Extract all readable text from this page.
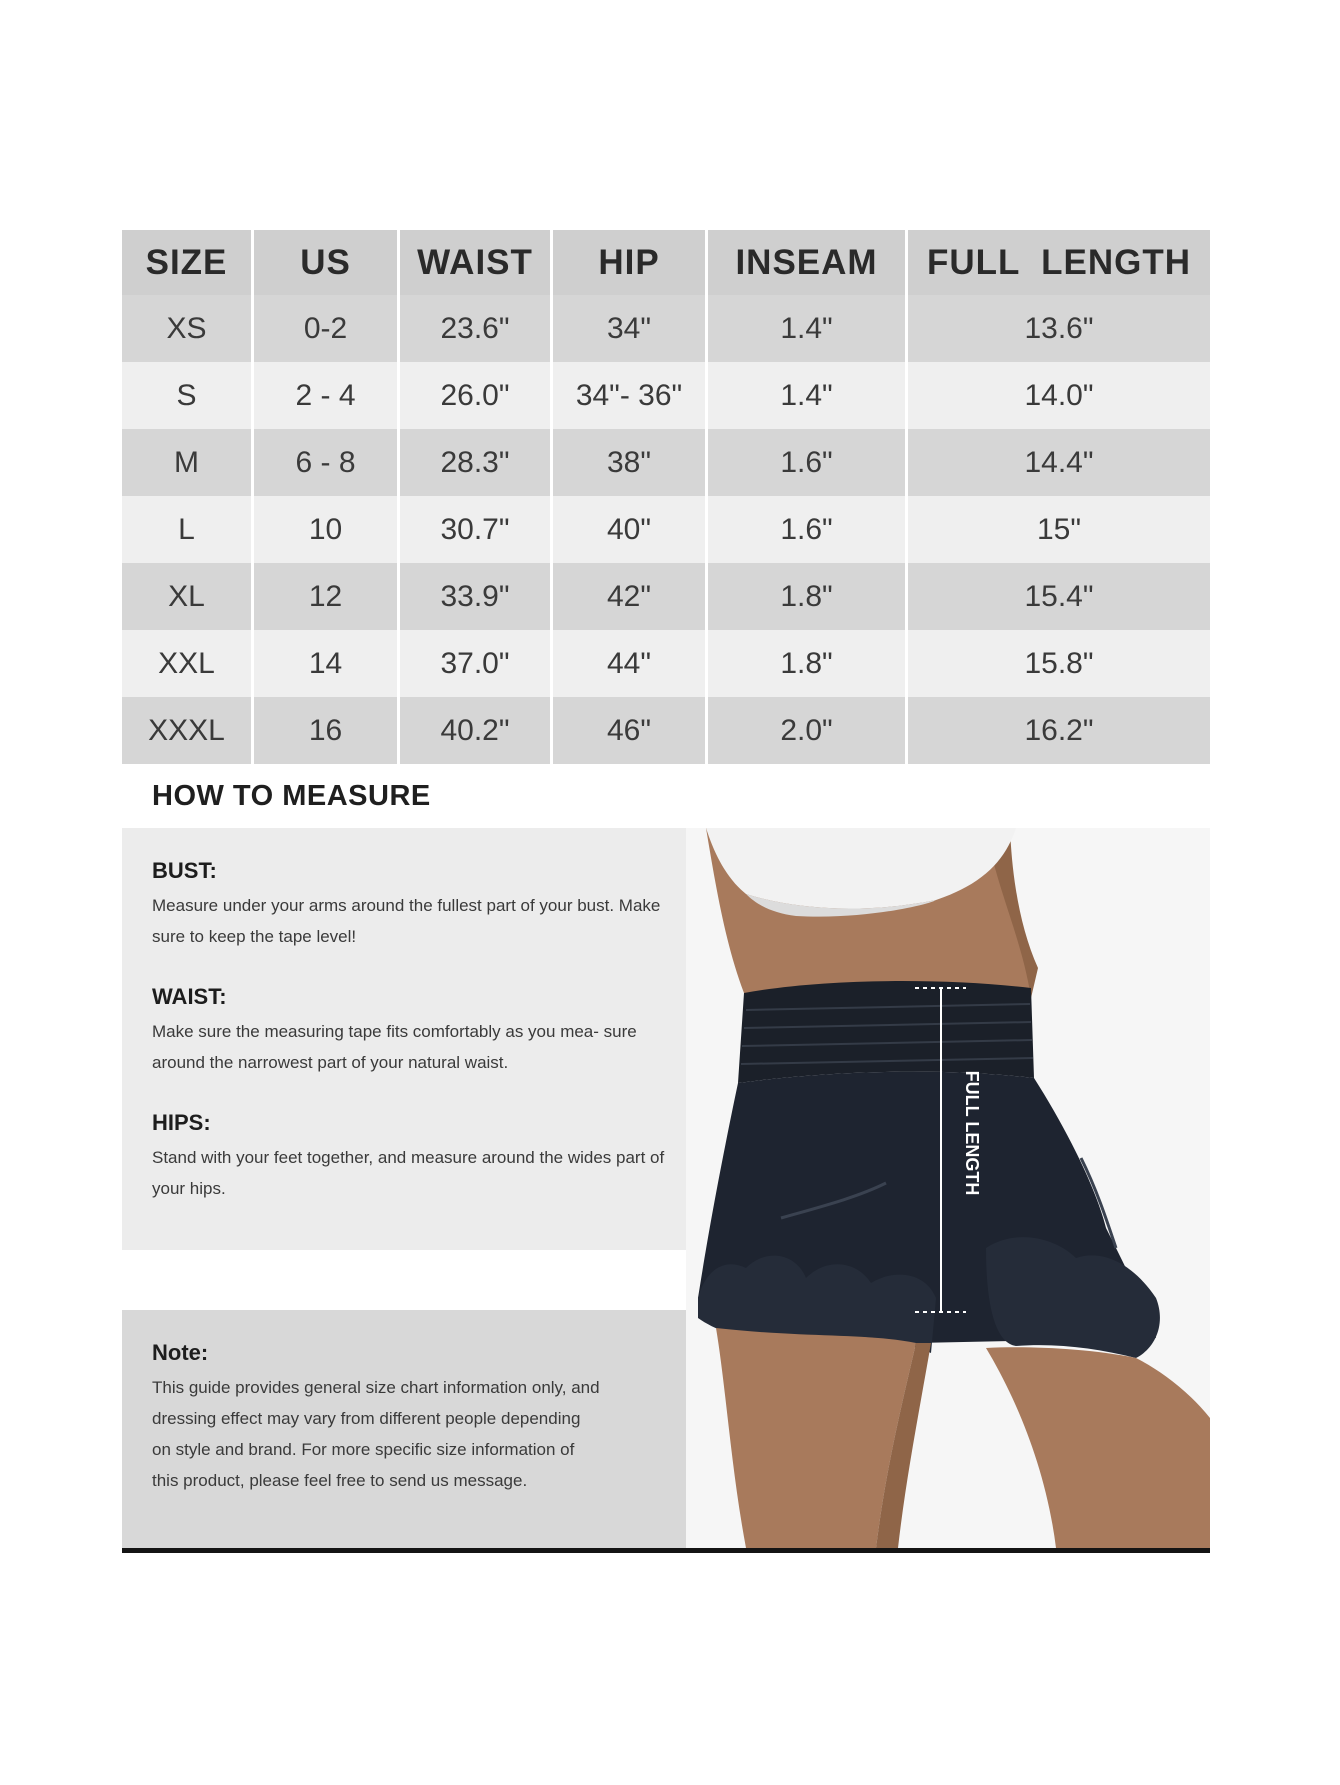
SIZE	US	WAIST	HIP	INSEAM	FULL  LENGTH
XS	0-2	23.6"	34"	1.4"	13.6"
S	2 - 4	26.0"	34"- 36"	1.4"	14.0"
M	6 - 8	28.3"	38"	1.6"	14.4"
L	10	30.7"	40"	1.6"	15"
XL	12	33.9"	42"	1.8"	15.4"
XXL	14	37.0"	44"	1.8"	15.8"
XXXL	16	40.2"	46"	2.0"	16.2"
HOW TO MEASURE

BUST:

Measure under your arms around the fullest part of your bust. Make sure to keep the tape level!

WAIST:

Make sure the measuring tape fits comfortably as you mea- sure around the narrowest part of your natural waist.

HIPS:

Stand with your feet together, and measure around the wides part of your hips.

Note:

This guide provides general size chart information only, and dressing effect may vary from different people depending on style and brand. For more specific size information of this product, please feel free to send us message.

FULL LENGTH
